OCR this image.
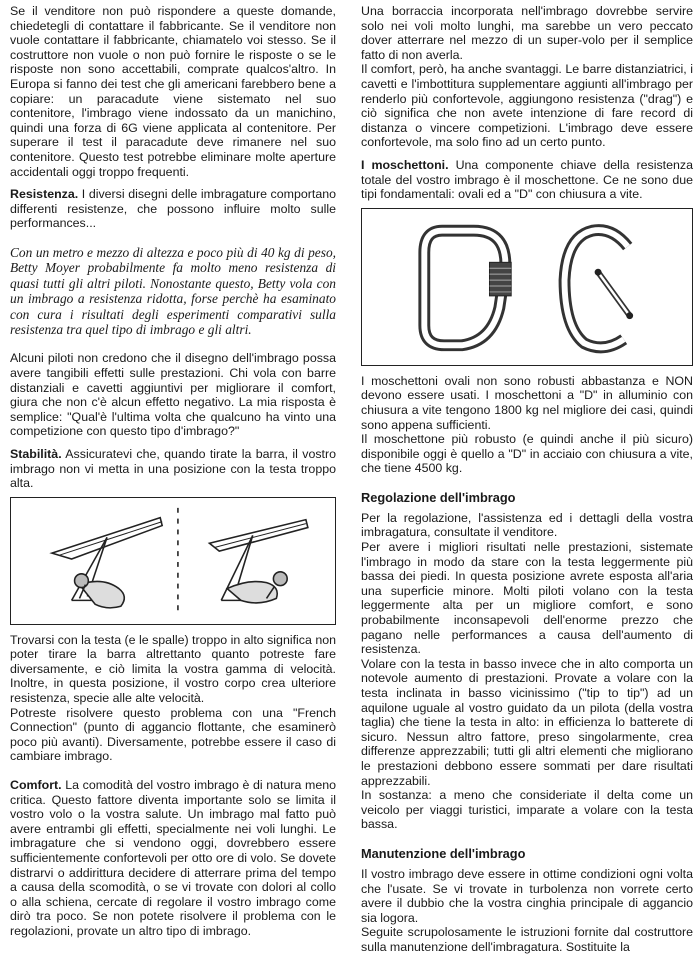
Se il venditore non può rispondere a queste domande, chiedetegli di contattare il fabbricante. Se il venditore non vuole contattare il fabbricante, chiamatelo voi stesso. Se il costruttore non vuole o non può fornire le risposte o se le risposte non sono accettabili, comprate qualcos'altro. In Europa si fanno dei test che gli americani farebbero bene a copiare: un paracadute viene sistemato nel suo contenitore, l'imbrago viene indossato da un manichino, quindi una forza di 6G viene applicata al contenitore. Per superare il test il paracadute deve rimanere nel suo contenitore. Questo test potrebbe eliminare molte aperture accidentali oggi troppo frequenti.

Resistenza. I diversi disegni delle imbragature comportano differenti resistenze, che possono influire molto sulle performances...

Con un metro e mezzo di altezza e poco più di 40 kg di peso, Betty Moyer probabilmente fa molto meno resistenza di quasi tutti gli altri piloti. Nonostante questo, Betty vola con un imbrago a resistenza ridotta, forse perchè ha esaminato con cura i risultati degli esperimenti comparativi sulla resistenza tra quel tipo di imbrago e gli altri.

Alcuni piloti non credono che il disegno dell'imbrago possa avere tangibili effetti sulle prestazioni. Chi vola con barre distanziali e cavetti aggiuntivi per migliorare il comfort, giura che non c'è alcun effetto negativo. La mia risposta è semplice: "Qual'è l'ultima volta che qualcuno ha vinto una competizione con questo tipo d'imbrago?"

Stabilità. Assicuratevi che, quando tirate la barra, il vostro imbrago non vi metta in una posizione con la testa troppo alta.

Trovarsi con la testa (e le spalle) troppo in alto significa non poter tirare la barra altrettanto quanto potreste fare diversamente, e ciò limita la vostra gamma di velocità. Inoltre, in questa posizione, il vostro corpo crea ulteriore resistenza, specie alle alte velocità.

Potreste risolvere questo problema con una "French Connection" (punto di aggancio flottante, che esaminerò poco più avanti). Diversamente, potrebbe essere il caso di cambiare imbrago.

Comfort. La comodità del vostro imbrago è di natura meno critica. Questo fattore diventa importante solo se limita il vostro volo o la vostra salute. Un imbrago mal fatto può avere entrambi gli effetti, specialmente nei voli lunghi. Le imbragature che si vendono oggi, dovrebbero essere sufficientemente confortevoli per otto ore di volo. Se dovete distrarvi o addirittura decidere di atterrare prima del tempo a causa della scomodità, o se vi trovate con dolori al collo o alla schiena, cercate di regolare il vostro imbrago come dirò tra poco. Se non potete risolvere il problema con le regolazioni, provate un altro tipo di imbrago.

Una borraccia incorporata nell'imbrago dovrebbe servire solo nei voli molto lunghi, ma sarebbe un vero peccato dover atterrare nel mezzo di un super-volo per il semplice fatto di non averla.

Il comfort, però, ha anche svantaggi. Le barre distanziatrici, i cavetti e l'imbottitura supplementare aggiunti all'imbrago per renderlo più confortevole, aggiungono resistenza ("drag") e ciò significa che non avete intenzione di fare record di distanza o vincere competizioni. L'imbrago deve essere confortevole, ma solo fino ad un certo punto.

I moschettoni. Una componente chiave della resistenza totale del vostro imbrago è il moschettone. Ce ne sono due tipi fondamentali: ovali ed a "D" con chiusura a vite.

I moschettoni ovali non sono robusti abbastanza e NON devono essere usati. I moschettoni a "D" in alluminio con chiusura a vite tengono 1800 kg nel migliore dei casi, quindi sono appena sufficienti.

Il moschettone più robusto (e quindi anche il più sicuro) disponibile oggi è quello a "D" in acciaio con chiusura a vite, che tiene 4500 kg.

Regolazione dell'imbrago

Per la regolazione, l'assistenza ed i dettagli della vostra imbragatura, consultate il venditore.

Per avere i migliori risultati nelle prestazioni, sistemate l'imbrago in modo da stare con la testa leggermente più bassa dei piedi. In questa posizione avrete esposta all'aria una superficie minore. Molti piloti volano con la testa leggermente alta per un migliore comfort, e sono probabilmente inconsapevoli dell'enorme prezzo che pagano nelle performances a causa dell'aumento di resistenza.

Volare con la testa in basso invece che in alto comporta un notevole aumento di prestazioni. Provate a volare con la testa inclinata in basso vicinissimo ("tip to tip") ad un aquilone uguale al vostro guidato da un pilota (della vostra taglia) che tiene la testa in alto: in efficienza lo batterete di sicuro. Nessun altro fattore, preso singolarmente, crea differenze apprezzabili; tutti gli altri elementi che migliorano le prestazioni debbono essere sommati per dare risultati apprezzabili.

In sostanza: a meno che consideriate il delta come un veicolo per viaggi turistici, imparate a volare con la testa bassa.

Manutenzione dell'imbrago

Il vostro imbrago deve essere in ottime condizioni ogni volta che l'usate. Se vi trovate in turbolenza non vorrete certo avere il dubbio che la vostra cinghia principale di aggancio sia logora.

Seguite scrupolosamente le istruzioni fornite dal costruttore sulla manutenzione dell'imbragatura. Sostituite la
